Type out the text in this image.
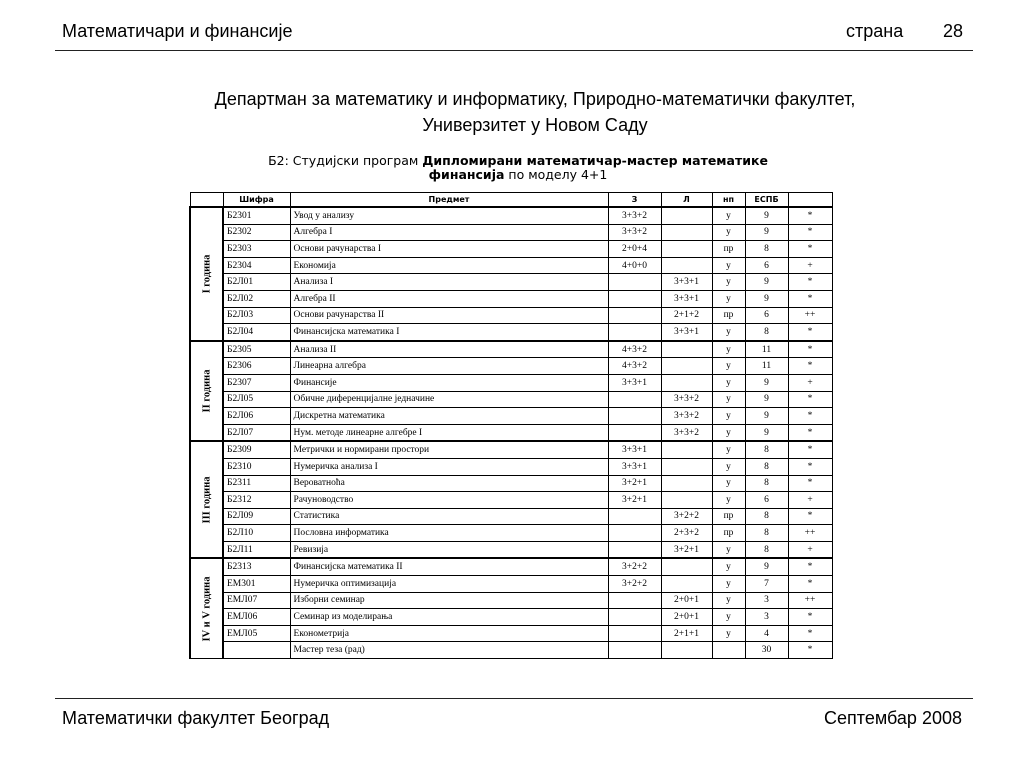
Математичари и финансије	страна 28
Департман за математику и информатику, Природно-математички факултет,
Универзитет у Новом Саду
Б2: Студијски програм Дипломирани математичар-мастер математике
финансија по моделу 4+1
	Шифра	Предмет	З	Л	нп	ЕСПБ	

I година	Б2301	Увод у анализу	3+3+2		у	9	*
	Б2302	Алгебра I	3+3+2		у	9	*
	Б2303	Основи рачунарства I	2+0+4		пр	8	*
	Б2304	Економија	4+0+0		у	6	+
	Б2Л01	Анализа I		3+3+1	у	9	*
	Б2Л02	Алгебра II		3+3+1	у	9	*
	Б2Л03	Основи рачунарства II		2+1+2	пр	6	++
	Б2Л04	Финансијска математика I		3+3+1	у	8	*

II година	Б2305	Анализа II	4+3+2		у	11	*
	Б2306	Линеарна алгебра	4+3+2		у	11	*
	Б2307	Финансије	3+3+1		у	9	+
	Б2Л05	Обичне диференцијалне једначине		3+3+2	у	9	*
	Б2Л06	Дискретна математика		3+3+2	у	9	*
	Б2Л07	Нум. методе линеарне алгебре I		3+3+2	у	9	*

III година	Б2309	Метрички и нормирани простори	3+3+1		у	8	*
	Б2310	Нумеричка анализа I	3+3+1		у	8	*
	Б2311	Вероватноћа	3+2+1		у	8	*
	Б2312	Рачуноводство	3+2+1		у	6	+
	Б2Л09	Статистика		3+2+2	пр	8	*
	Б2Л10	Пословна информатика		2+3+2	пр	8	++
	Б2Л11	Ревизија		3+2+1	у	8	+

IV и V година	Б2313	Финансијска математика II	3+2+2		у	9	*
	ЕМ301	Нумеричка оптимизација	3+2+2		у	7	*
	ЕМЛ07	Изборни семинар		2+0+1	у	3	++
	ЕМЛ06	Семинар из моделирања		2+0+1	у	3	*
	ЕМЛ05	Економетрија		2+1+1	у	4	*
		Мастер теза (рад)				30	*
Математички факултет Београд	Септембар 2008
